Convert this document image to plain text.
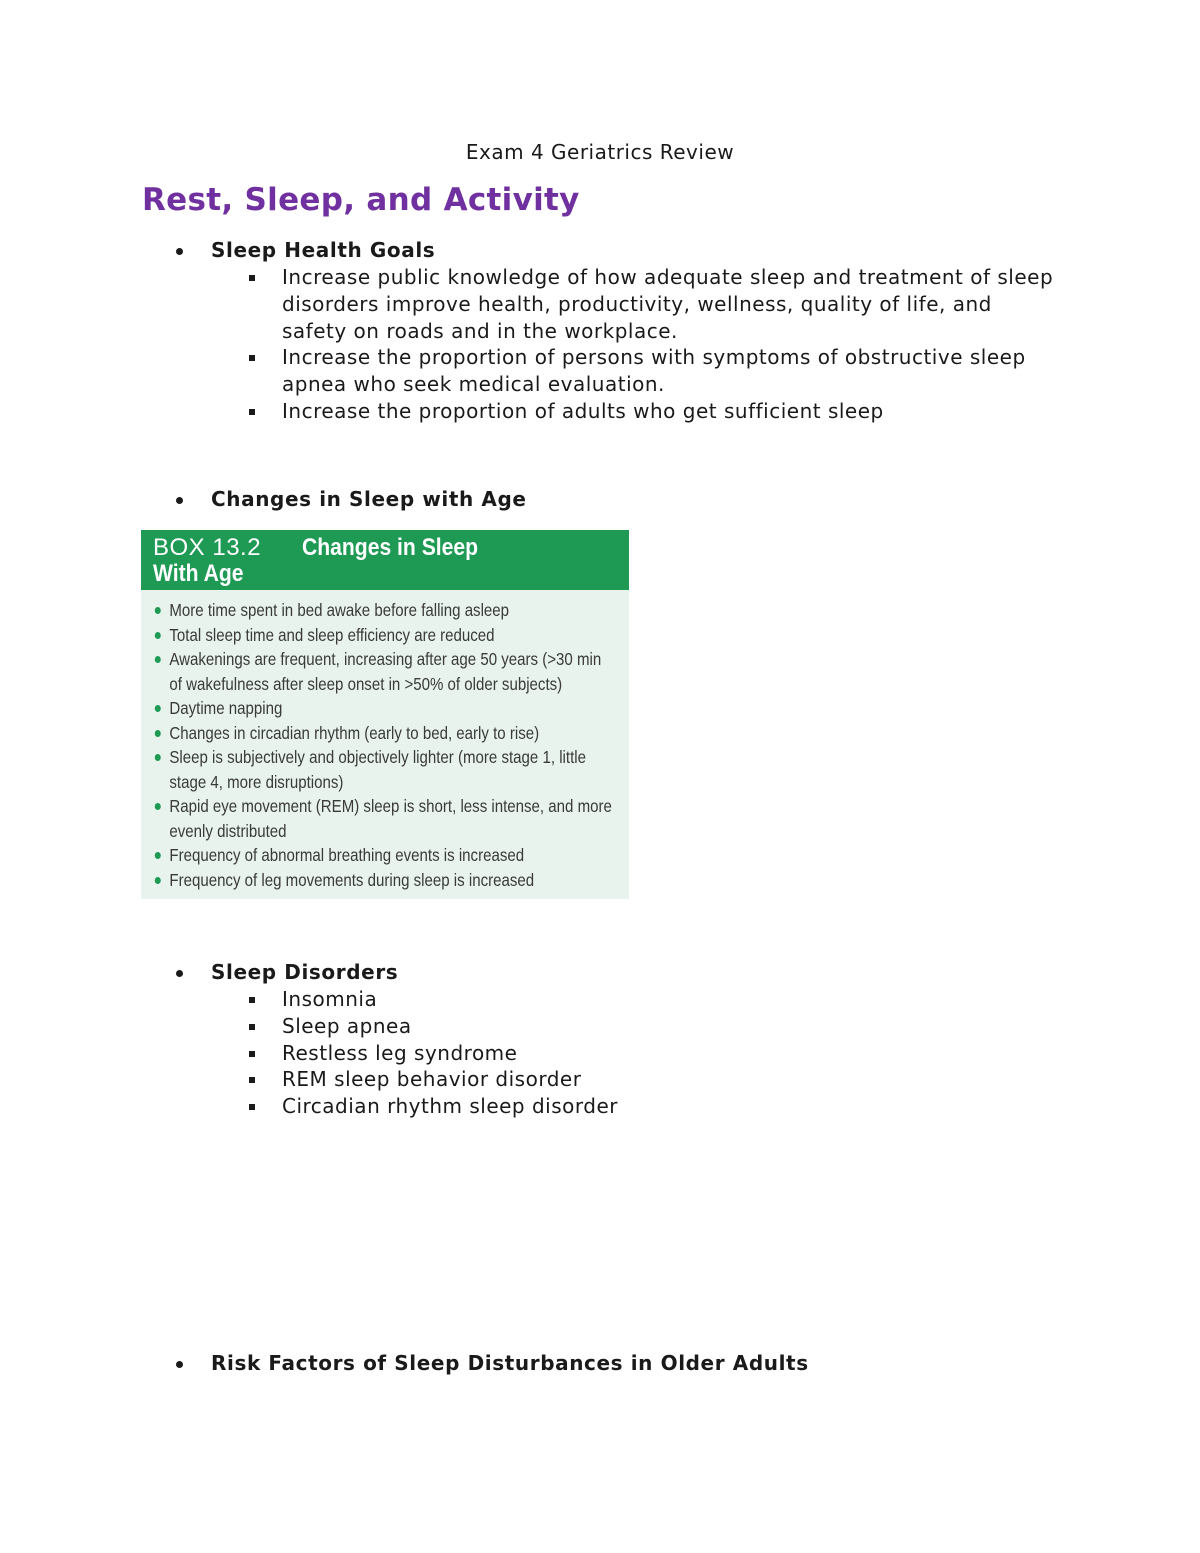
Exam 4 Geriatrics Review
Rest, Sleep, and Activity
Sleep Health Goals
Increase public knowledge of how adequate sleep and treatment of sleep disorders improve health, productivity, wellness, quality of life, and safety on roads and in the workplace.
Increase the proportion of persons with symptoms of obstructive sleep apnea who seek medical evaluation.
Increase the proportion of adults who get sufficient sleep
Changes in Sleep with Age
BOX 13.2 Changes in Sleep
With Age
More time spent in bed awake before falling asleep
Total sleep time and sleep efficiency are reduced
Awakenings are frequent, increasing after age 50 years (>30 min of wakefulness after sleep onset in >50% of older subjects)
Daytime napping
Changes in circadian rhythm (early to bed, early to rise)
Sleep is subjectively and objectively lighter (more stage 1, little stage 4, more disruptions)
Rapid eye movement (REM) sleep is short, less intense, and more evenly distributed
Frequency of abnormal breathing events is increased
Frequency of leg movements during sleep is increased
Sleep Disorders
Insomnia
Sleep apnea
Restless leg syndrome
REM sleep behavior disorder
Circadian rhythm sleep disorder
Risk Factors of Sleep Disturbances in Older Adults
